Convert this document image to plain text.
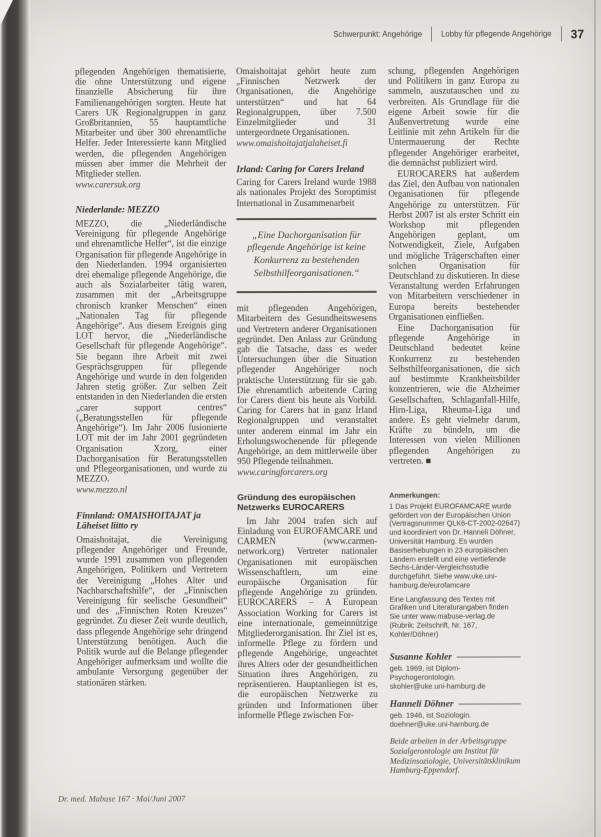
Schwerpunkt: Angehörige Lobby für pflegende Angehörige 37

pflegenden Angehörigen thematisierte, die ohne Unterstützung und eigene finanzielle Absicherung für ihre Familienangehörigen sorgten. Heute hat Carers UK Regionalgruppen in ganz Großbritannien, 55 hauptamtliche Mitarbeiter und über 300 ehrenamtliche Helfer. Jeder Interessierte kann Mitglied werden, die pflegenden Angehörigen müssen aber immer die Mehrheit der Mitglieder stellen.

www.carersuk.org

Niederlande: MEZZO

MEZZO, die „Niederländische Vereinigung für pflegende Angehörige und ehrenamtliche Helfer“, ist die einzige Organisation für pflegende Angehörige in den Niederlanden. 1994 organisierten drei ehemalige pflegende Angehörige, die auch als Sozialarbeiter tätig waren, zusammen mit der „Arbeitsgruppe chronisch kranker Menschen“ einen „Nationalen Tag für pflegende Angehörige“. Aus diesem Ereignis ging LOT hervor, die „Niederländische Gesellschaft für pflegende Angehörige“. Sie begann ihre Arbeit mit zwei Gesprächsgruppen für pflegende Angehörige und wurde in den folgenden Jahren stetig größer. Zur selben Zeit entstanden in den Niederlanden die ersten „carer support centres“ („Beratungsstellen für pflegende Angehörige“). Im Jahr 2006 fusionierte LOT mit der im Jahr 2001 gegründeten Organisation Xzorg, einer Dachorganisation für Beratungsstellen und Pflegeorganisationen, und wurde zu MEZZO.

www.mezzo.nl

Finnland: OMAISHOITAJAT ja Läheiset liitto ry

Omaishoitajat, die Vereinigung pflegender Angehöriger und Freunde, wurde 1991 zusammen von pflegenden Angehörigen, Politikern und Vertretern der Vereinigung „Hohes Alter und Nachbarschaftshilfe“, der „Finnischen Vereinigung für seelische Gesundheit“ und des „Finnischen Roten Kreuzes“ gegründet. Zu dieser Zeit wurde deutlich, dass pflegende Angehörige sehr dringend Unterstützung benötigen. Auch die Politik wurde auf die Belange pflegender Angehöriger aufmerksam und wollte die ambulante Versorgung gegenüber der stationären stärken.

Omaishoitajat gehört heute zum „Finnischen Netzwerk der Organisationen, die Angehörige unterstützen“ und hat 64 Regionalgruppen, über 7.500 Einzelmitglieder und 31 untergeordnete Organisationen.

www.omaishoitajatjalaheiset.fi

Irland: Caring for Carers Ireland

Caring for Carers Ireland wurde 1988 als nationales Projekt des Soroptimist International in Zusammenarbeit

„Eine Dachorganisation für pflegende Angehörige ist keine Konkurrenz zu bestehenden Selbsthilfeorganisationen.“

mit pflegenden Angehörigen, Mitarbeitern des Gesundheitswesens und Vertretern anderer Organisationen gegründet. Den Anlass zur Gründung gab die Tatsache, dass es weder Untersuchungen über die Situation pflegender Angehöriger noch praktische Unterstützung für sie gab. Die ehrenamtlich arbeitende Caring for Carers dient bis heute als Vorbild. Caring for Carers hat in ganz Irland Regionalgruppen und veranstaltet unter anderem einmal im Jahr ein Erholungswochenende für pflegende Angehörige, an dem mittlerweile über 950 Pflegende teilnahmen.

www.caringforcarers.org

Gründung des europäischen Netzwerks EUROCARERS

Im Jahr 2004 trafen sich auf Einladung von EUROFAMCARE und CARMEN (www.carmen-network.org) Vertreter nationaler Organisationen mit europäischen Wissenschaftlern, um eine europäische Organisation für pflegende Angehörige zu gründen. EUROCARERS – A European Association Working for Carers ist eine internationale, gemeinnützige Mitgliederorganisation. Ihr Ziel ist es, informelle Pflege zu fördern und pflegende Angehörige, ungeachtet ihres Alters oder der gesundheitlichen Situation ihres Angehörigen, zu repräsentieren. Hauptanliegen ist es, die europäischen Netzwerke zu gründen und Informationen über informelle Pflege zwischen For-

schung, pflegenden Angehörigen und Politikern in ganz Europa zu sammeln, auszutauschen und zu verbreiten. Als Grundlage für die eigene Arbeit sowie für die Außenvertretung wurde eine Leitlinie mit zehn Artikeln für die Untermauerung der Rechte pflegender Angehöriger erarbeitet, die demnächst publiziert wird.

EUROCARERS hat außerdem das Ziel, den Aufbau von nationalen Organisationen für pflegende Angehörige zu unterstützen. Für Herbst 2007 ist als erster Schritt ein Workshop mit pflegenden Angehörigen geplant, um Notwendigkeit, Ziele, Aufgaben und mögliche Trägerschaften einer solchen Organisation für Deutschland zu diskutieren. In diese Veranstaltung werden Erfahrungen von Mitarbeitern verschiedener in Europa bereits bestehender Organisationen einfließen.

Eine Dachorganisation für pflegende Angehörige in Deutschland bedeutet keine Konkurrenz zu bestehenden Selbsthilfeorganisationen, die sich auf bestimmte Krankheitsbilder konzentrieren, wie die Alzheimer Gesellschaften, Schlaganfall-Hilfe, Hirn-Liga, Rheuma-Liga und andere. Es geht vielmehr darum, Kräfte zu bündeln, um die Interessen von vielen Millionen pflegenden Angehörigen zu vertreten. ■

Anmerkungen:

1 Das Projekt EUROFAMCARE wurde gefördert von der Europäischen Union (Vertragsnummer QLK6-CT-2002-02647) und koordiniert von Dr. Hanneli Döhner, Universität Hamburg. Es wurden Basiserhebungen in 23 europäischen Ländern erstellt und eine vertiefende Sechs-Länder-Vergleichsstudie durchgeführt. Siehe www.uke.uni-hamburg.de/eurofamcare

Eine Langfassung des Textes mit Grafiken und Literaturangaben finden Sie unter www.mabuse-verlag.de (Rubrik: Zeitschrift, Nr. 167, Kohler/Döhner)

Susanne Kohler

geb. 1969, ist Diplom-Psychogerontologin.

skohler@uke.uni-hamburg.de

Hanneli Döhner

geb. 1946, ist Soziologin.

doehner@uke.uni-hamburg.de

Beide arbeiten in der Arbeitsgruppe Sozialgerontologie am Institut für Medizinsoziologie, Universitätsklinikum Hamburg-Eppendorf.

Dr. med. Mabuse 167 · Mai/Juni 2007
